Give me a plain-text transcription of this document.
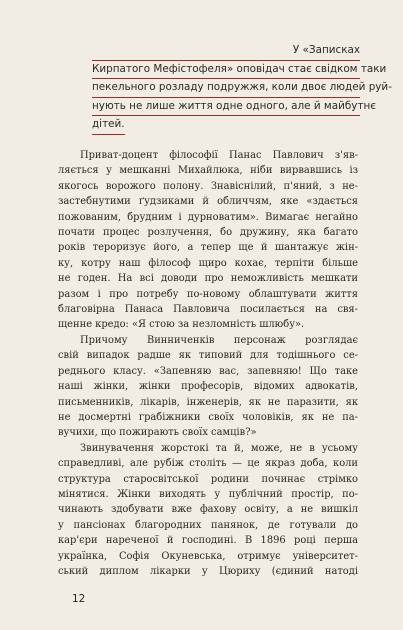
У «Записках
Кирпатого Мефістофеля» оповідач стає свідком таки
пекельного розладу подружжя, коли двоє людей руй-
нують не лише життя одне одного, але й майбутнє
дітей.
Приват-доцент філософії Панас Павлович з'яв-
ляється у мешканні Михайлюка, ніби вирвавшись із
якогось ворожого полону. Знавіснілий, п'яний, з не-
застебнутими ґудзиками й обличчям, яке «здається
пожованим, брудним і дурноватим». Вимагає негайно
почати процес розлучення, бо дружину, яка багато
років терoризує його, а тепер ще й шантажує жін-
ку, котру наш філософ щиро кохає, терпіти більше
не годен. На всі доводи про неможливість мешкати
разом і про потребу по-новому облаштувати життя
благовірна Панаса Павловича посилається на свя-
щенне кредо: «Я стою за незломність шлюбу».
Причому Винниченків персонаж розглядає
свій випадок радше як типовий для тодішнього се-
реднього класу. «Запевняю вас, запевняю! Що таке
наші жінки, жінки професорів, відомих адвокатів,
письменників, лікарів, інженерів, як не паразити, як
не досмертні грабіжники своїх чоловіків, як не па-
вучихи, що пожирають своїх самців?»
Звинувачення жорстокі та й, може, не в усьому
справедливі, але рубіж століть — це якраз доба, коли
структура старосвітської родини починає стрімко
мінятися. Жінки виходять у публічний простір, по-
чинають здобувати вже фахову освіту, а не вишкіл
у пансіонах благородних панянок, де готували до
кар'єри нареченої й господині. В 1896 році перша
українка, Софія Окуневська, отримує університет-
ський диплом лікарки у Цюриху (єдиний натоді
12
